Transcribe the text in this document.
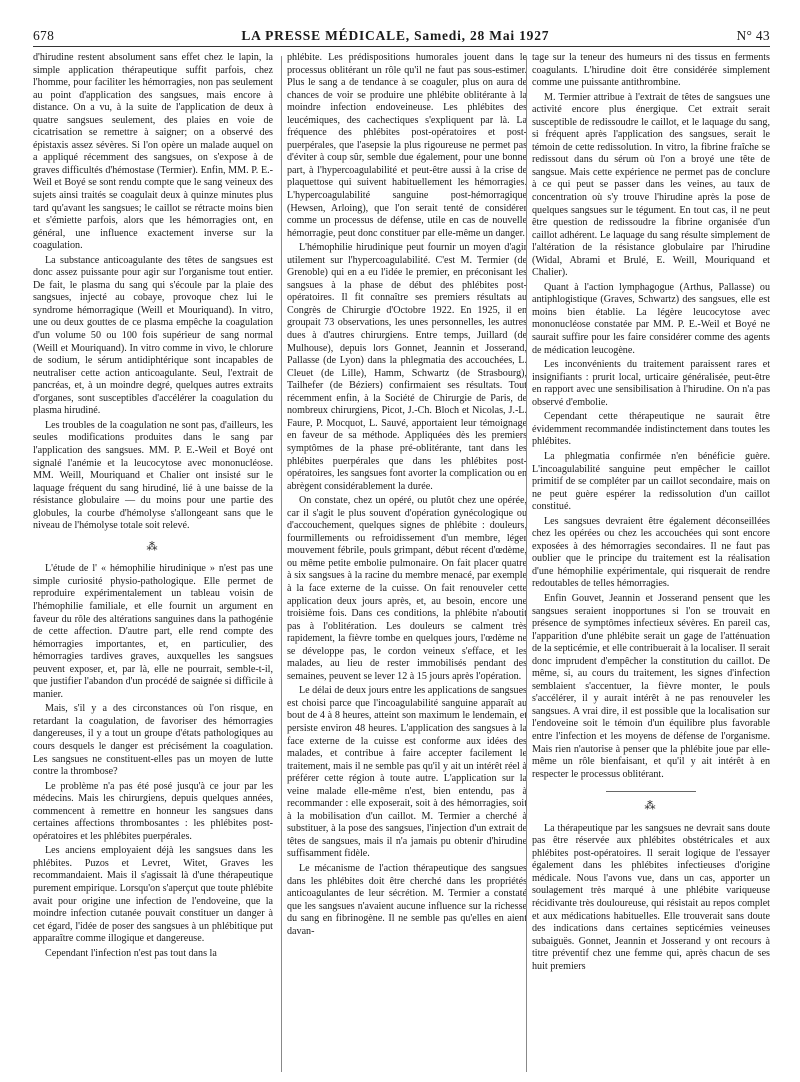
678	LA PRESSE MÉDICALE, Samedi, 28 Mai 1927	N° 43

d'hirudine restent absolument sans effet chez le lapin, la simple application thérapeutique suffit parfois, chez l'homme, pour faciliter les hémorragies, non pas seulement au point d'application des sangsues, mais encore à distance. On a vu, à la suite de l'application de deux à quatre sangsues seulement, des plaies en voie de cicatrisation se remettre à saigner; on a observé des épistaxis assez sévères. Si l'on opère un malade auquel on a appliqué récemment des sangsues, on s'expose à de graves difficultés d'hémostase (Termier). Enfin, MM. P. E.-Weil et Boyé se sont rendu compte que le sang veineux des sujets ainsi traités se coagulait deux à quinze minutes plus tard qu'avant les sangsues; le caillot se rétracte moins bien et s'émiette parfois, alors que les hémorragies ont, en général, une influence exactement inverse sur la coagulation.

La substance anticoagulante des têtes de sangsues est donc assez puissante pour agir sur l'organisme tout entier. De fait, le plasma du sang qui s'écoule par la plaie des sangsues, injecté au cobaye, provoque chez lui le syndrome hémorragique (Weill et Mouriquand). In vitro, une ou deux gouttes de ce plasma empêche la coagulation d'un volume 50 ou 100 fois supérieur de sang normal (Weill et Mouriquand). In vitro comme in vivo, le chlorure de sodium, le sérum antidiphtérique sont incapables de neutraliser cette action anticoagulante. Seul, l'extrait de pancréas, et, à un moindre degré, quelques autres extraits d'organes, sont susceptibles d'accélérer la coagulation du plasma hirudiné.

Les troubles de la coagulation ne sont pas, d'ailleurs, les seules modifications produites dans le sang par l'application des sangsues. MM. P. E.-Weil et Boyé ont signalé l'anémie et la leucocytose avec mononucléose. MM. Weill, Mouriquand et Chalier ont insisté sur le laquage fréquent du sang hirudiné, lié à une baisse de la résistance globulaire — du moins pour une partie des globules, la courbe d'hémolyse s'allongeant sans que le niveau de l'hémolyse totale soit relevé.

⁂

L'étude de l' « hémophilie hirudinique » n'est pas une simple curiosité physio-pathologique. Elle permet de reproduire expérimentalement un tableau voisin de l'hémophilie familiale, et elle fournit un argument en faveur du rôle des altérations sanguines dans la pathogénie de cette affection. D'autre part, elle rend compte des hémorragies importantes, et, en particulier, des hémorragies tardives graves, auxquelles les sangsues peuvent exposer, et, par là, elle ne pourrait, semble-t-il, que justifier l'abandon d'un procédé de saignée si difficile à manier.

Mais, s'il y a des circonstances où l'on risque, en retardant la coagulation, de favoriser des hémorragies dangereuses, il y a tout un groupe d'états pathologiques au cours desquels le danger est précisément la coagulation. Les sangsues ne constituent-elles pas un moyen de lutte contre la thrombose?

Le problème n'a pas été posé jusqu'à ce jour par les médecins. Mais les chirurgiens, depuis quelques années, commencent à remettre en honneur les sangsues dans certaines affections thrombosantes : les phlébites post-opératoires et les phlébites puerpérales.

Les anciens employaient déjà les sangsues dans les phlébites. Puzos et Levret, Witet, Graves les recommandaient. Mais il s'agissait là d'une thérapeutique purement empirique. Lorsqu'on s'aperçut que toute phlébite avait pour origine une infection de l'endoveine, que la moindre infection cutanée pouvait constituer un danger à cet égard, l'idée de poser des sangsues à un phlébitique put apparaître comme illogique et dangereuse.

Cependant l'infection n'est pas tout dans la

phlébite. Les prédispositions humorales jouent dans le processus oblitérant un rôle qu'il ne faut pas sous-estimer. Plus le sang a de tendance à se coaguler, plus on aura de chances de voir se produire une phlébite oblitérante à la moindre infection endoveineuse. Les phlébites des leucémiques, des cachectiques s'expliquent par là. La fréquence des phlébites post-opératoires et post-puerpérales, que l'asepsie la plus rigoureuse ne permet pas d'éviter à coup sûr, semble due également, pour une bonne part, à l'hypercoagulabilité et peut-être aussi à la crise de plaquettose qui suivent habituellement les hémorragies. L'hypercoagulabilité sanguine post-hémorragique (Hewsen, Arloing), que l'on serait tenté de considérer comme un processus de défense, utile en cas de nouvelle hémorragie, peut donc constituer par elle-même un danger.

L'hémophilie hirudinique peut fournir un moyen d'agir utilement sur l'hypercoagulabilité. C'est M. Termier (de Grenoble) qui en a eu l'idée le premier, en préconisant les sangsues à la phase de début des phlébites post-opératoires. Il fit connaître ses premiers résultats au Congrès de Chirurgie d'Octobre 1922. En 1925, il en groupait 73 observations, les unes personnelles, les autres dues à d'autres chirurgiens. Entre temps, Juillard (de Mulhouse), depuis lors Gonnet, Jeannin et Josserand, Pallasse (de Lyon) dans la phlegmatia des accouchées, L. Cleuet (de Lille), Hamm, Schwartz (de Strasbourg), Tailhefer (de Béziers) confirmaient ses résultats. Tout récemment enfin, à la Société de Chirurgie de Paris, de nombreux chirurgiens, Picot, J.-Ch. Bloch et Nicolas, J.-L. Faure, P. Mocquot, L. Sauvé, apportaient leur témoignage en faveur de sa méthode. Appliquées dès les premiers symptômes de la phase pré-oblitérante, tant dans les phlébites puerpérales que dans les phlébites post-opératoires, les sangsues font avorter la complication ou en abrègent considérablement la durée.

On constate, chez un opéré, ou plutôt chez une opérée, car il s'agit le plus souvent d'opération gynécologique ou d'accouchement, quelques signes de phlébite : douleurs, fourmillements ou refroidissement d'un membre, léger mouvement fébrile, pouls grimpant, début récent d'œdème, ou même petite embolie pulmonaire. On fait placer quatre à six sangsues à la racine du membre menacé, par exemple à la face externe de la cuisse. On fait renouveler cette application deux jours après, et, au besoin, encore une troisième fois. Dans ces conditions, la phlébite n'aboutit pas à l'oblitération. Les douleurs se calment très rapidement, la fièvre tombe en quelques jours, l'œdème ne se développe pas, le cordon veineux s'efface, et les malades, au lieu de rester immobilisés pendant des semaines, peuvent se lever 12 à 15 jours après l'opération.

Le délai de deux jours entre les applications de sangsues est choisi parce que l'incoagulabilité sanguine apparaît au bout de 4 à 8 heures, atteint son maximum le lendemain, et persiste environ 48 heures. L'application des sangsues à la face externe de la cuisse est conforme aux idées des malades, et contribue à faire accepter facilement le traitement, mais il ne semble pas qu'il y ait un intérêt réel à préférer cette région à toute autre. L'application sur la veine malade elle-même n'est, bien entendu, pas à recommander : elle exposerait, soit à des hémorragies, soit à la mobilisation d'un caillot. M. Termier a cherché à substituer, à la pose des sangsues, l'injection d'un extrait de têtes de sangsues, mais il n'a jamais pu obtenir d'hirudine suffisamment fidèle.

Le mécanisme de l'action thérapeutique des sangsues dans les phlébites doit être cherché dans les propriétés anticoagulantes de leur sécrétion. M. Termier a constaté que les sangsues n'avaient aucune influence sur la richesse du sang en fibrinogène. Il ne semble pas qu'elles en aient davan-

tage sur la teneur des humeurs ni des tissus en ferments coagulants. L'hirudine doit être considérée simplement comme une puissante antithrombine.

M. Termier attribue à l'extrait de têtes de sangsues une activité encore plus énergique. Cet extrait serait susceptible de redissoudre le caillot, et le laquage du sang, si fréquent après l'application des sangsues, serait le témoin de cette redissolution. In vitro, la fibrine fraîche se redissout dans du sérum où l'on a broyé une tête de sangsue. Mais cette expérience ne permet pas de conclure à ce qui peut se passer dans les veines, au taux de concentration où s'y trouve l'hirudine après la pose de quelques sangsues sur le tégument. En tout cas, il ne peut être question de redissoudre la fibrine organisée d'un caillot adhérent. Le laquage du sang résulte simplement de l'altération de la résistance globulaire par l'hirudine (Widal, Abrami et Brulé, E. Weill, Mouriquand et Chalier).

Quant à l'action lymphagogue (Arthus, Pallasse) ou antiphlogistique (Graves, Schwartz) des sangsues, elle est moins bien établie. La légère leucocytose avec mononucléose constatée par MM. P. E.-Weil et Boyé ne saurait suffire pour les faire considérer comme des agents de médication leucogène.

Les inconvénients du traitement paraissent rares et insignifiants : prurit local, urticaire généralisée, peut-être en rapport avec une sensibilisation à l'hirudine. On n'a pas observé d'embolie.

Cependant cette thérapeutique ne saurait être évidemment recommandée indistinctement dans toutes les phlébites.

La phlegmatia confirmée n'en bénéficie guère. L'incoagulabilité sanguine peut empêcher le caillot primitif de se compléter par un caillot secondaire, mais on ne peut guère espérer la redissolution d'un caillot constitué.

Les sangsues devraient être également déconseillées chez les opérées ou chez les accouchées qui sont encore exposées à des hémorragies secondaires. Il ne faut pas oublier que le principe du traitement est la réalisation d'une hémophilie expérimentale, qui risquerait de rendre redoutables de telles hémorragies.

Enfin Gouvet, Jeannin et Josserand pensent que les sangsues seraient inopportunes si l'on se trouvait en présence de symptômes infectieux sévères. En pareil cas, l'apparition d'une phlébite serait un gage de l'atténuation de la septicémie, et elle contribuerait à la localiser. Il serait donc imprudent d'empêcher la constitution du caillot. De même, si, au cours du traitement, les signes d'infection semblaient s'accentuer, la fièvre monter, le pouls s'accélérer, il y aurait intérêt à ne pas renouveler les sangsues. A vrai dire, il est possible que la localisation sur l'endoveine soit le témoin d'un équilibre plus favorable entre l'infection et les moyens de défense de l'organisme. Mais rien n'autorise à penser que la phlébite joue par elle-même un rôle bienfaisant, et qu'il y ait intérêt à en respecter le processus oblitérant.

⁂

La thérapeutique par les sangsues ne devrait sans doute pas être réservée aux phlébites obstétricales et aux phlébites post-opératoires. Il serait logique de l'essayer également dans les phlébites infectieuses d'origine médicale. Nous l'avons vue, dans un cas, apporter un soulagement très marqué à une phlébite variqueuse récidivante très douloureuse, qui résistait au repos complet et aux médications habituelles. Elle trouverait sans doute des indications dans certaines septicémies veineuses subaiguës. Gonnet, Jeannin et Josserand y ont recours à titre préventif chez une femme qui, après chacun de ses huit premiers
